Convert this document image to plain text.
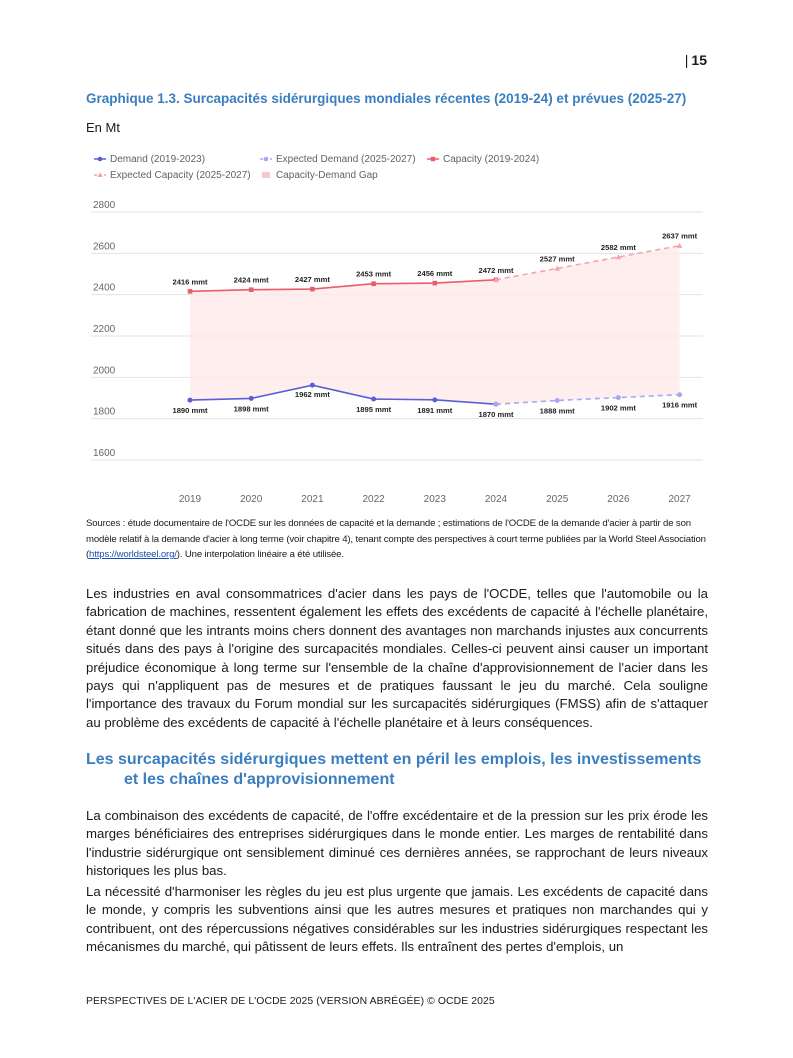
| 15
Graphique 1.3. Surcapacités sidérurgiques mondiales récentes (2019-24) et prévues (2025-27)
En Mt
Demand (2019-2023)	Expected Demand (2025-2027)	Capacity (2019-2024)
Expected Capacity (2025-2027)	Capacity-Demand Gap
1600
1800
2000
2200
2400
2600
2800
2416 mmt	2424 mmt	2427 mmt
2453 mmt	2456 mmt	2472 mmt
2527 mmt
2582 mmt
2637 mmt
1890 mmt	1898 mmt
1962 mmt
1895 mmt	1891 mmt	1870 mmt	1888 mmt	1902 mmt	1916 mmt
2019	2020	2021	2022	2023	2024	2025	2026	2027
Sources : étude documentaire de l'OCDE sur les données de capacité et la demande ; estimations de l'OCDE de la demande d'acier à partir de son modèle relatif à la demande d'acier à long terme (voir chapitre 4), tenant compte des perspectives à court terme publiées par la World Steel Association (https://worldsteel.org/). Une interpolation linéaire a été utilisée.
Les industries en aval consommatrices d'acier dans les pays de l'OCDE, telles que l'automobile ou la fabrication de machines, ressentent également les effets des excédents de capacité à l'échelle planétaire, étant donné que les intrants moins chers donnent des avantages non marchands injustes aux concurrents situés dans des pays à l'origine des surcapacités mondiales. Celles-ci peuvent ainsi causer un important préjudice économique à long terme sur l'ensemble de la chaîne d'approvisionnement de l'acier dans les pays qui n'appliquent pas de mesures et de pratiques faussant le jeu du marché. Cela souligne l'importance des travaux du Forum mondial sur les surcapacités sidérurgiques (FMSS) afin de s'attaquer au problème des excédents de capacité à l'échelle planétaire et à leurs conséquences.
Les surcapacités sidérurgiques mettent en péril les emplois, les investissements
et les chaînes d'approvisionnement
La combinaison des excédents de capacité, de l'offre excédentaire et de la pression sur les prix érode les marges bénéficiaires des entreprises sidérurgiques dans le monde entier. Les marges de rentabilité dans l'industrie sidérurgique ont sensiblement diminué ces dernières années, se rapprochant de leurs niveaux historiques les plus bas.
La nécessité d'harmoniser les règles du jeu est plus urgente que jamais. Les excédents de capacité dans le monde, y compris les subventions ainsi que les autres mesures et pratiques non marchandes qui y contribuent, ont des répercussions négatives considérables sur les industries sidérurgiques respectant les mécanismes du marché, qui pâtissent de leurs effets. Ils entraînent des pertes d'emplois, un
PERSPECTIVES DE L'ACIER DE L'OCDE 2025 (VERSION ABRÉGÉE) © OCDE 2025
